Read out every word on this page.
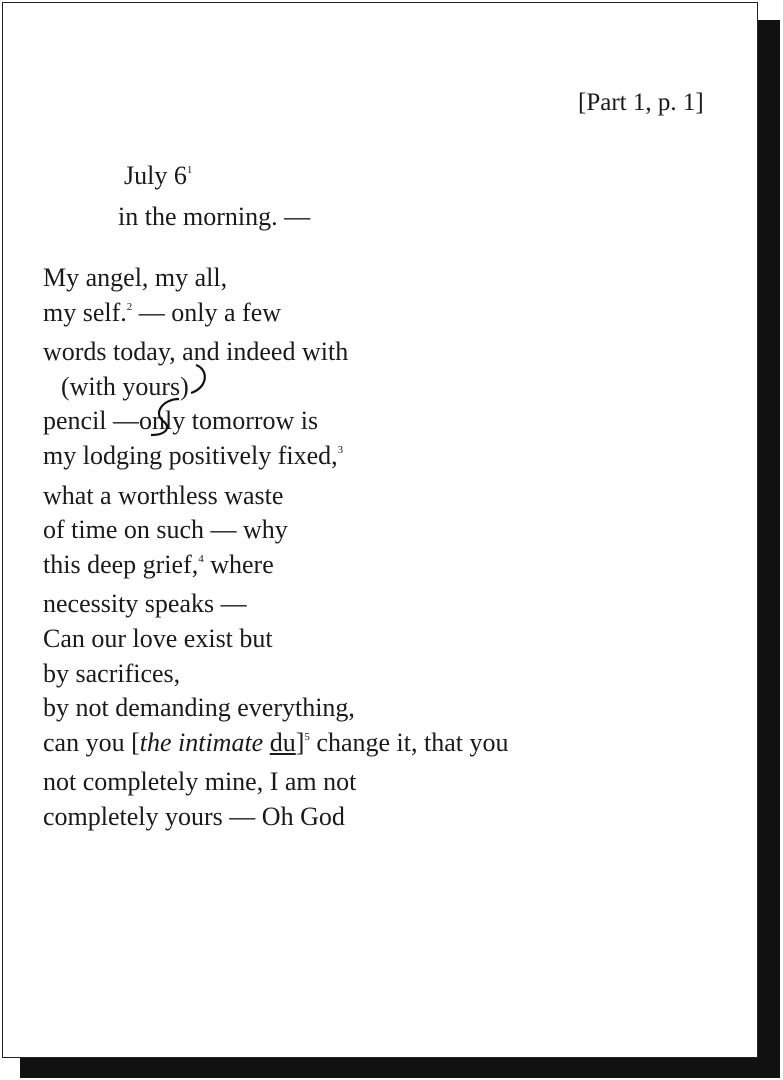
[Part 1, p. 1]
July $6^1$
in the morning. —
My angel, my all,
my self.$^2$ — only a few
words today, and indeed with
(with yours)
pencil —only tomorrow is
my lodging positively fixed,$^3$
what a worthless waste
of time on such — why
this deep grief,$^4$ where
necessity speaks —
Can our love exist but
by sacrifices,
by not demanding everything,
can you [the intimate du]$^5$ change it, that you
not completely mine, I am not
completely yours — Oh God
